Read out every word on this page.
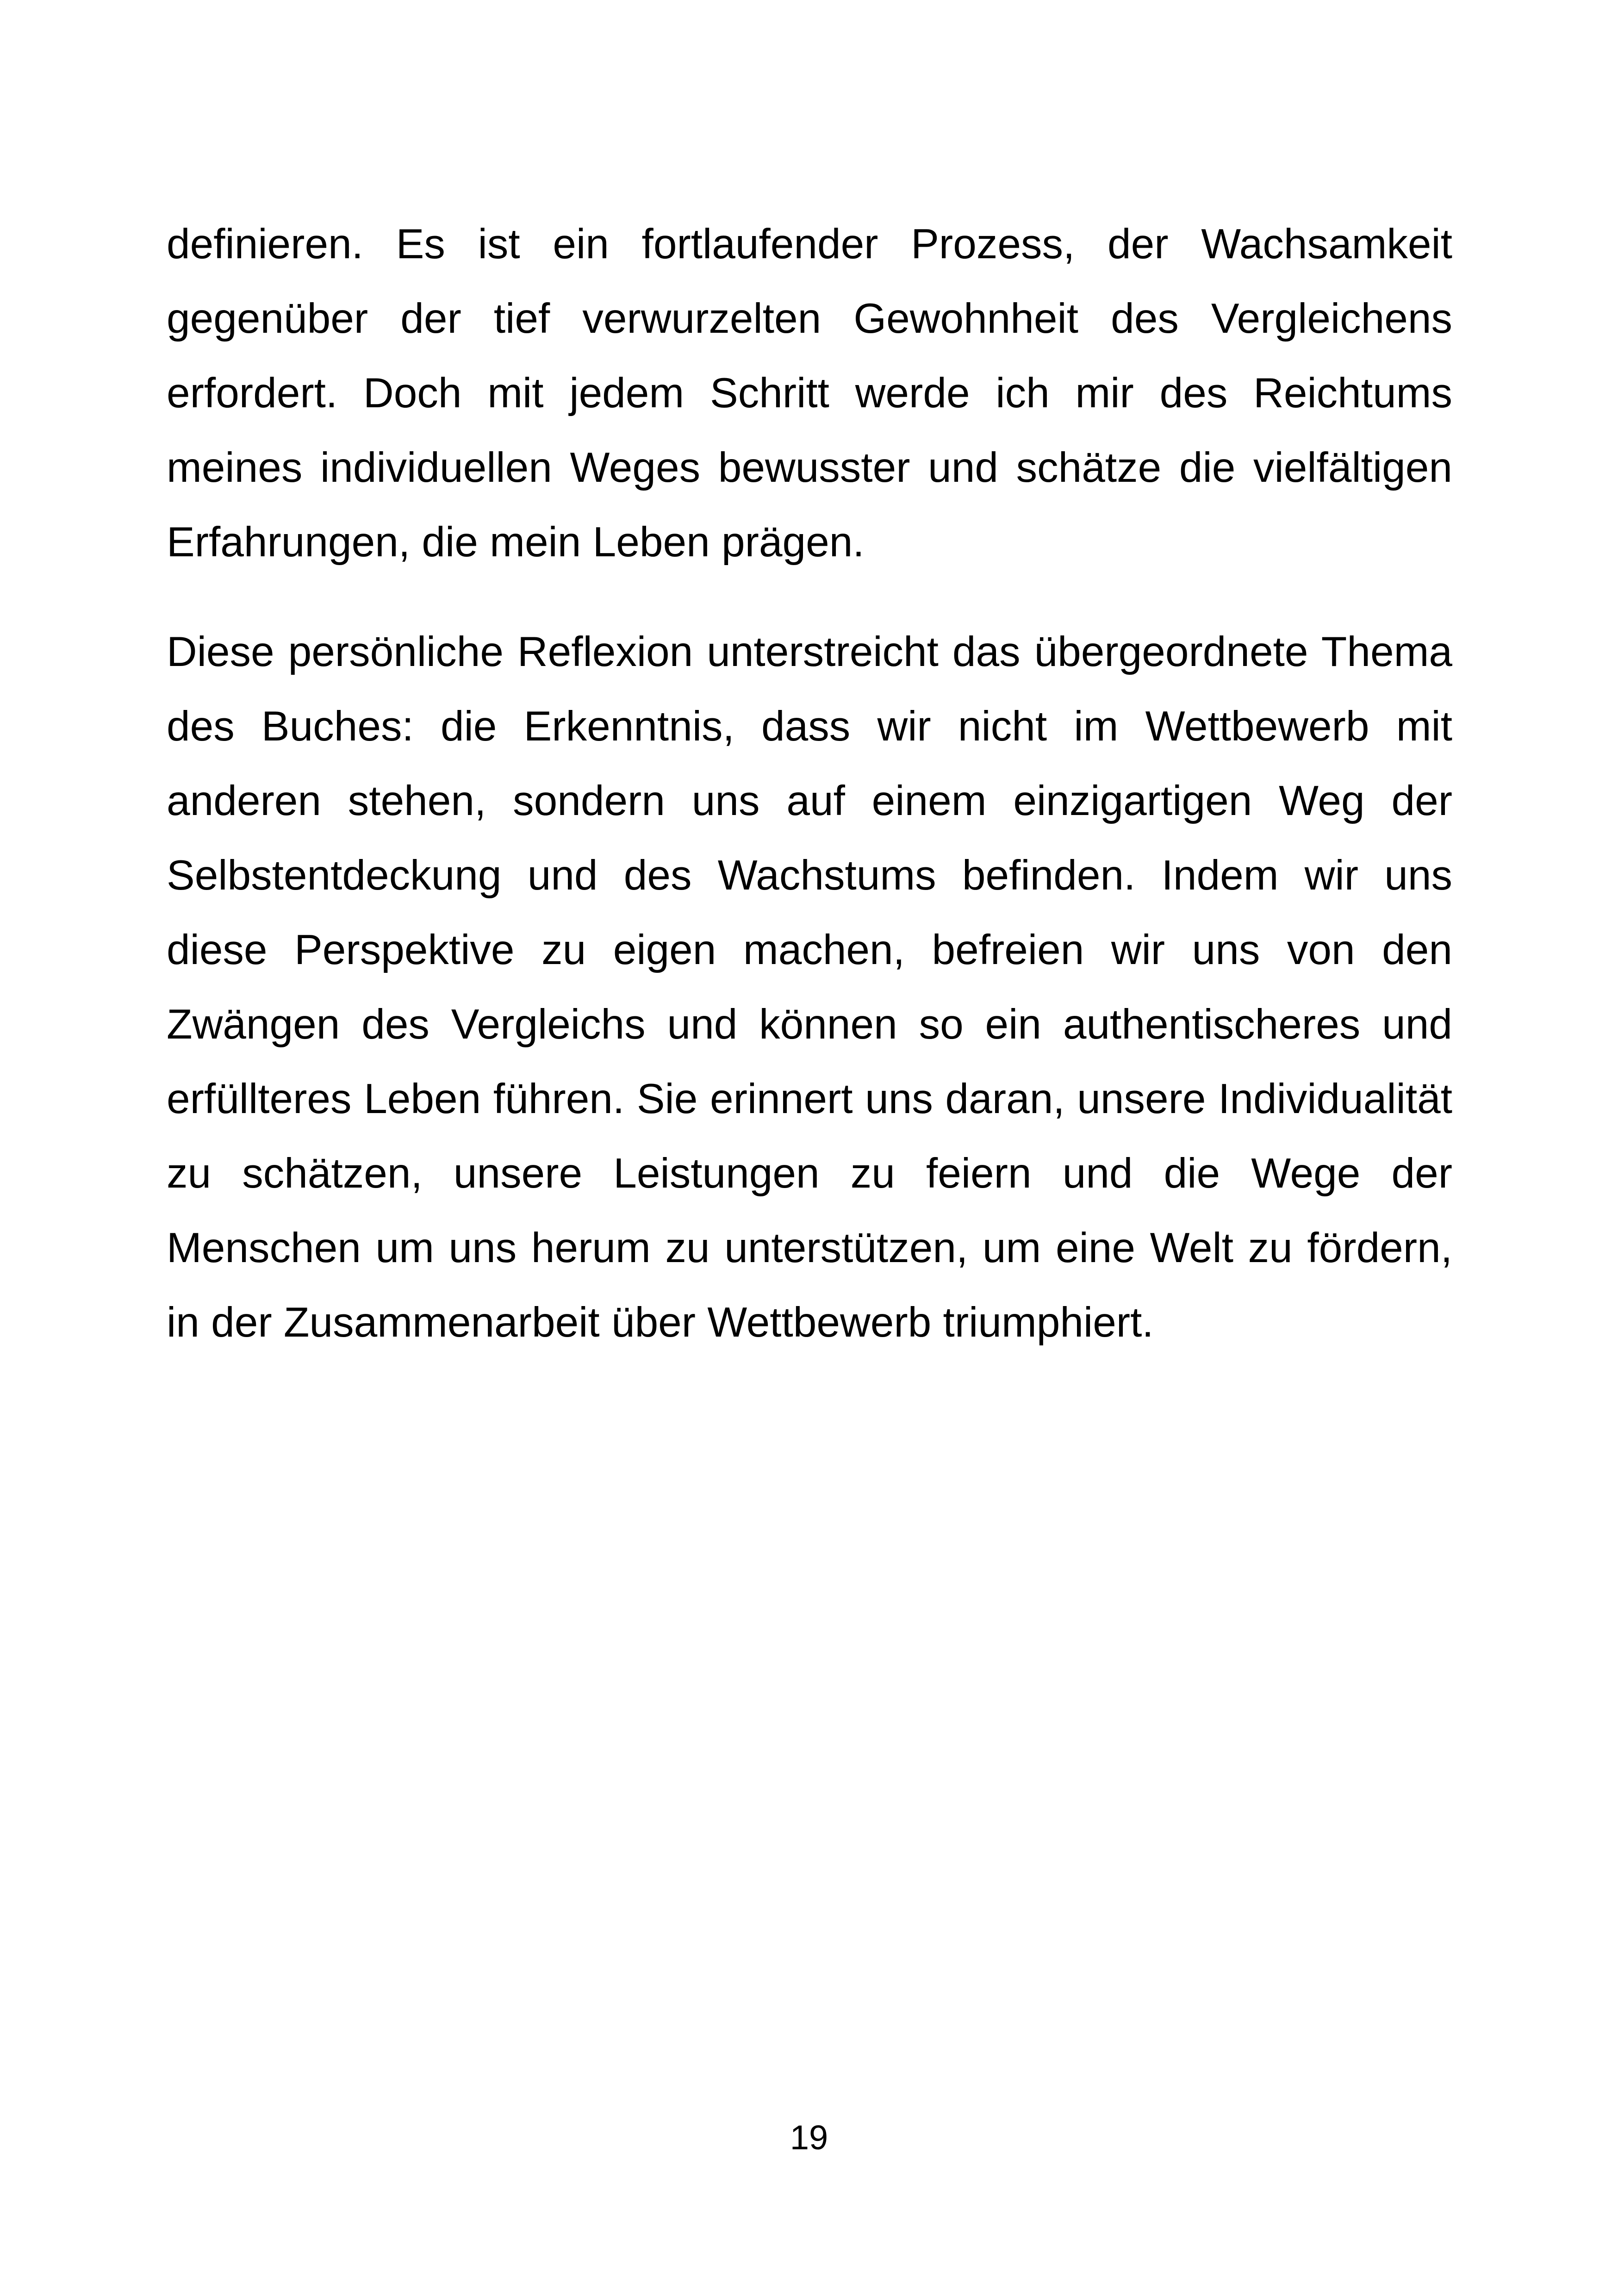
definieren. Es ist ein fortlaufender Prozess, der Wachsamkeit
gegenüber der tief verwurzelten Gewohnheit des Vergleichens
erfordert. Doch mit jedem Schritt werde ich mir des Reichtums
meines individuellen Weges bewusster und schätze die vielfältigen
Erfahrungen, die mein Leben prägen.

Diese persönliche Reflexion unterstreicht das übergeordnete Thema
des Buches: die Erkenntnis, dass wir nicht im Wettbewerb mit
anderen stehen, sondern uns auf einem einzigartigen Weg der
Selbstentdeckung und des Wachstums befinden. Indem wir uns
diese Perspektive zu eigen machen, befreien wir uns von den
Zwängen des Vergleichs und können so ein authentischeres und
erfüllteres Leben führen. Sie erinnert uns daran, unsere Individualität
zu schätzen, unsere Leistungen zu feiern und die Wege der
Menschen um uns herum zu unterstützen, um eine Welt zu fördern,
in der Zusammenarbeit über Wettbewerb triumphiert.

19
